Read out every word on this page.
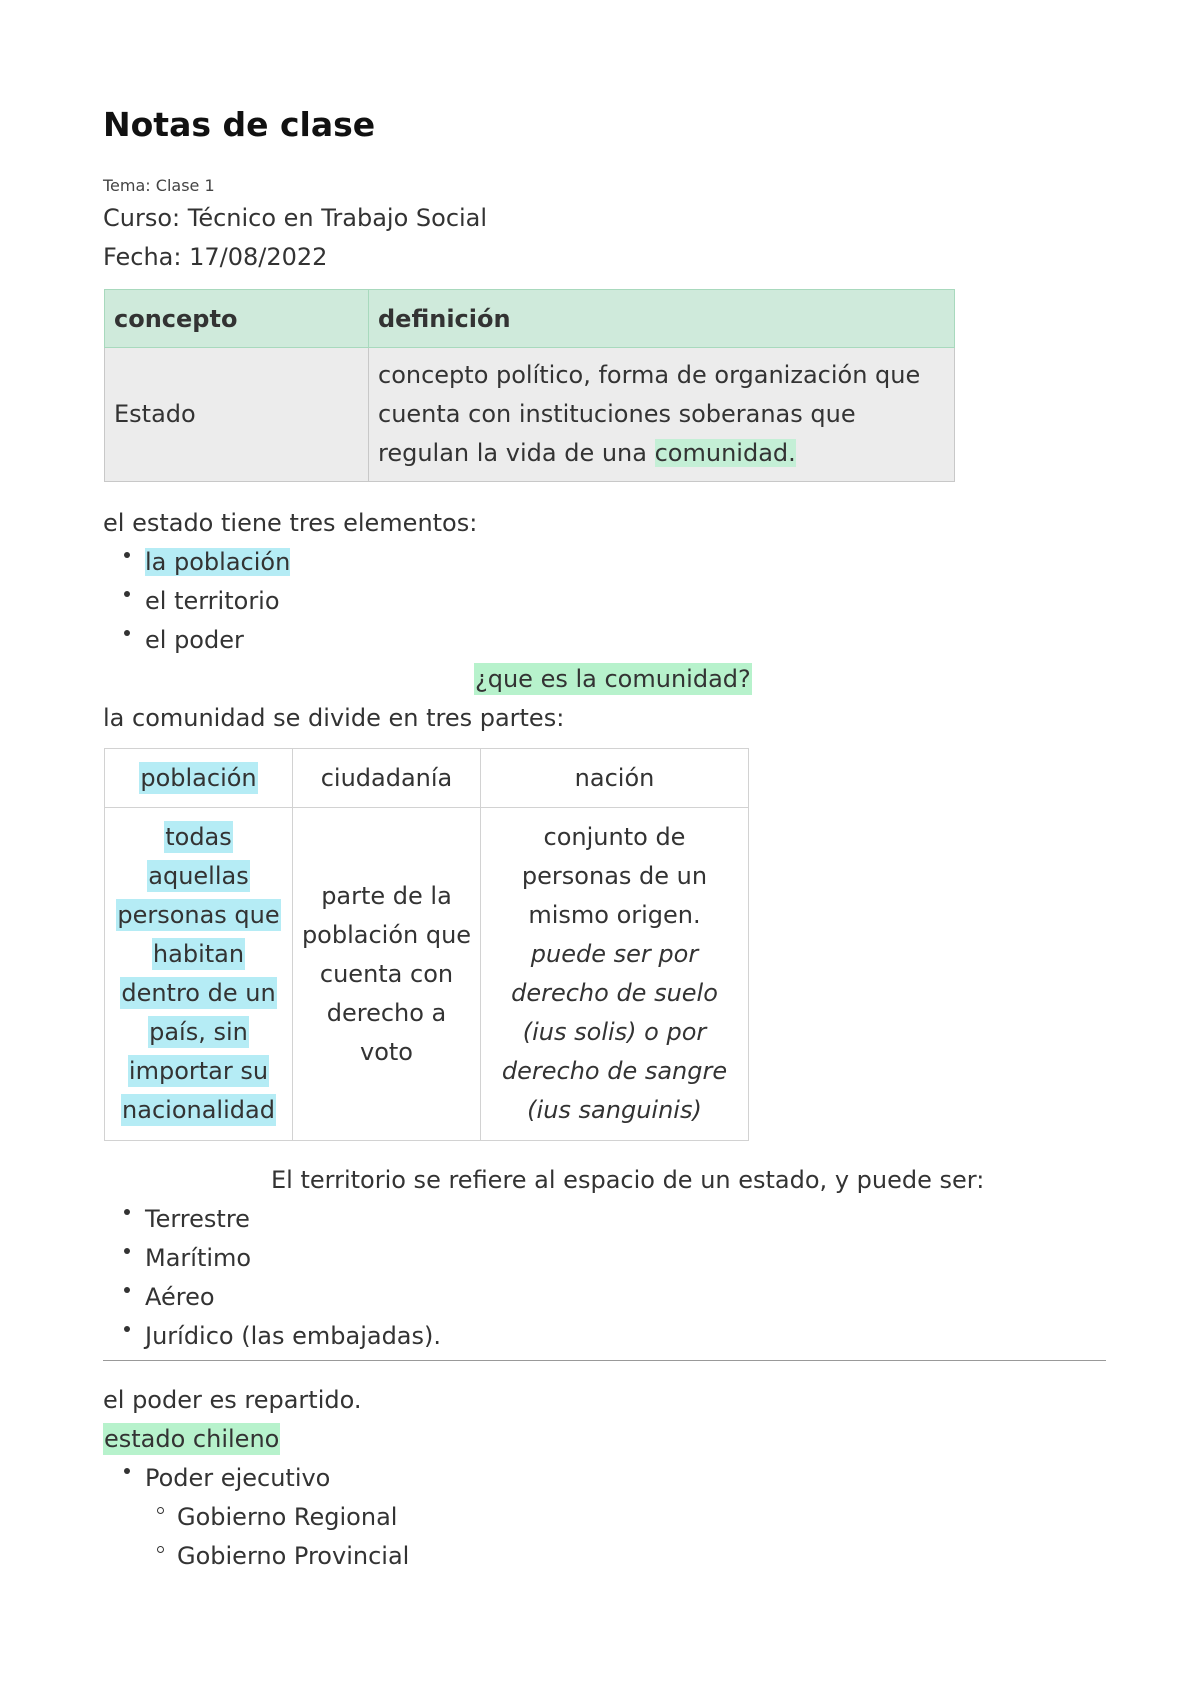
Notas de clase
Tema: Clase 1
Curso: Técnico en Trabajo Social
Fecha: 17/08/2022
concepto	definición
Estado	concepto político, forma de organización que cuenta con instituciones soberanas que regulan la vida de una comunidad.
el estado tiene tres elementos:
la población
el territorio
el poder
¿que es la comunidad?
la comunidad se divide en tres partes:
población	ciudadanía	nación
todas aquellas personas que habitan dentro de un país, sin importar su nacionalidad	parte de la población que cuenta con derecho a voto	conjunto de personas de un mismo origen. puede ser por derecho de suelo (ius solis) o por derecho de sangre (ius sanguinis)
El territorio se refiere al espacio de un estado, y puede ser:
Terrestre
Marítimo
Aéreo
Jurídico (las embajadas).
el poder es repartido.
estado chileno
Poder ejecutivo
Gobierno Regional
Gobierno Provincial
